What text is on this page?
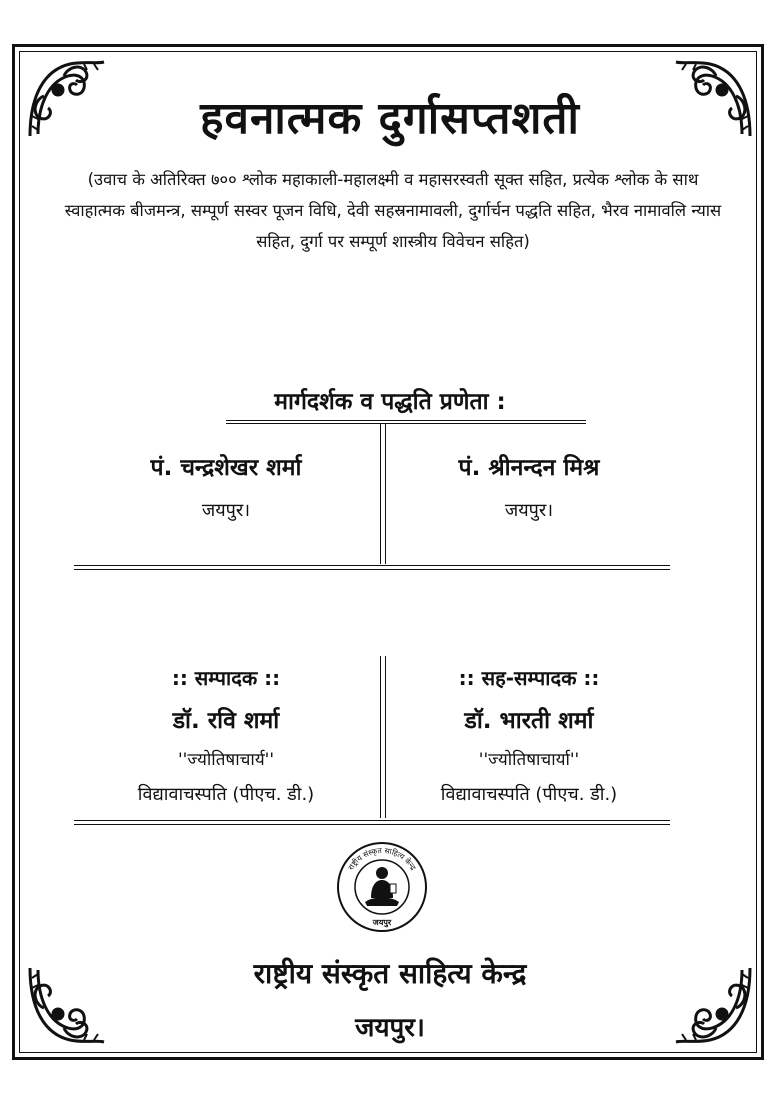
हवनात्मक दुर्गासप्तशती
(उवाच के अतिरिक्त ७०० श्लोक महाकाली-महालक्ष्मी व महासरस्वती सूक्त सहित, प्रत्येक श्लोक के साथ स्वाहात्मक बीजमन्त्र, सम्पूर्ण सस्वर पूजन विधि, देवी सहस्रनामावली, दुर्गार्चन पद्धति सहित, भैरव नामावलि न्यास सहित, दुर्गा पर सम्पूर्ण शास्त्रीय विवेचन सहित)
मार्गदर्शक व पद्धति प्रणेता :
पं. चन्द्रशेखर शर्मा
जयपुर।
पं. श्रीनन्दन मिश्र
जयपुर।
:: सम्पादक ::
डॉ. रवि शर्मा
''ज्योतिषाचार्य''
विद्यावाचस्पति (पीएच. डी.)
:: सह-सम्पादक ::
डॉ. भारती शर्मा
''ज्योतिषाचार्या''
विद्यावाचस्पति (पीएच. डी.)
राष्ट्रीय संस्कृत साहित्य केन्द्र
जयपुर
राष्ट्रीय संस्कृत साहित्य केन्द्र
जयपुर।
